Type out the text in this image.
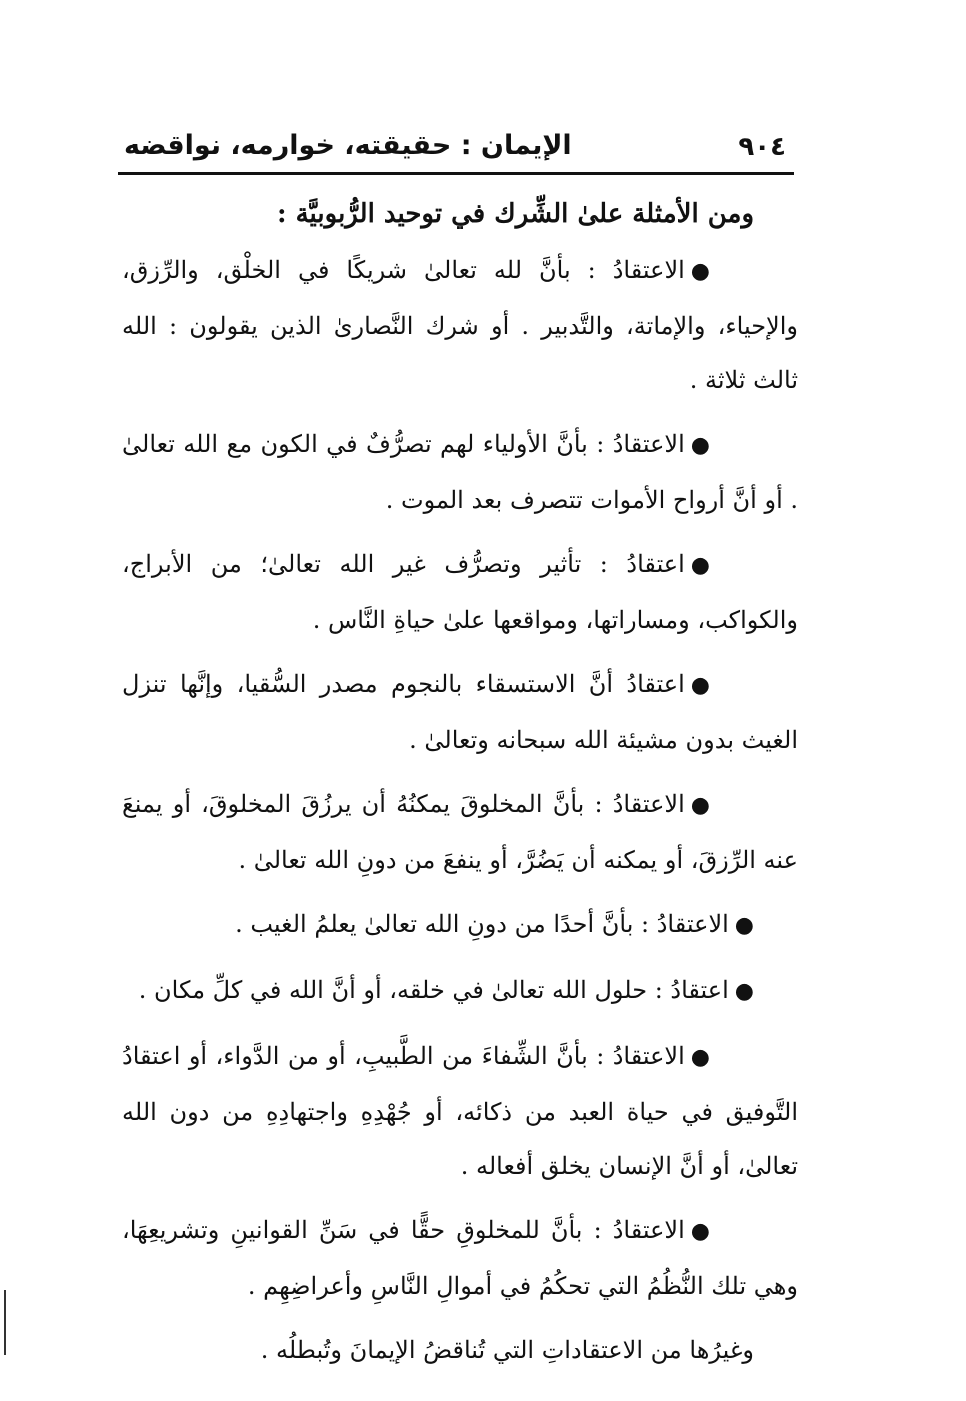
٩٠٤
الإيمان : حقيقته، خوارمه، نواقضه

ومن الأمثلة علىٰ الشِّرك في توحيد الرُّبوبيَّة :

●الاعتقادُ : بأنَّ لله تعالىٰ شريكًا في الخلْق، والرِّزق، والإحياء، والإماتة، والتَّدبير . أو شرك النَّصارىٰ الذين يقولون : الله ثالث ثلاثة .

●الاعتقادُ : بأنَّ الأولياء لهم تصرُّفٌ في الكون مع الله تعالىٰ . أو أنَّ أرواح الأموات تتصرف بعد الموت .

●اعتقادُ : تأثير وتصرُّف غير الله تعالىٰ؛ من الأبراج، والكواكب، ومساراتها، ومواقعها علىٰ حياةِ النَّاس .

●اعتقادُ أنَّ الاستسقاء بالنجوم مصدر السُّقيا، وإنَّها تنزل الغيث بدون مشيئة الله سبحانه وتعالىٰ .

●الاعتقادُ : بأنَّ المخلوقَ يمكنُهُ أن يرزُقَ المخلوقَ، أو يمنعَ عنه الرِّزقَ، أو يمكنه أن يَضُرَّ، أو ينفعَ من دونِ الله تعالىٰ .

●الاعتقادُ : بأنَّ أحدًا من دونِ الله تعالىٰ يعلمُ الغيب .

●اعتقادُ : حلول الله تعالىٰ في خلقه، أو أنَّ الله في كلِّ مكان .

●الاعتقادُ : بأنَّ الشِّفاءَ من الطَّبيبِ، أو من الدَّواء، أو اعتقادُ التَّوفيق في حياة العبد من ذكائه، أو جُهْدِهِ واجتهادِهِ من دون الله تعالىٰ، أو أنَّ الإنسان يخلق أفعاله .

●الاعتقادُ : بأنَّ للمخلوقِ حقًّا في سَنِّ القوانينِ وتشريعِهَا، وهي تلك النُّظُمُ التي تحكُمُ في أموالِ النَّاسِ وأعراضِهِم .

وغيرُها من الاعتقاداتِ التي تُناقضُ الإيمانَ وتُبطلُه .
